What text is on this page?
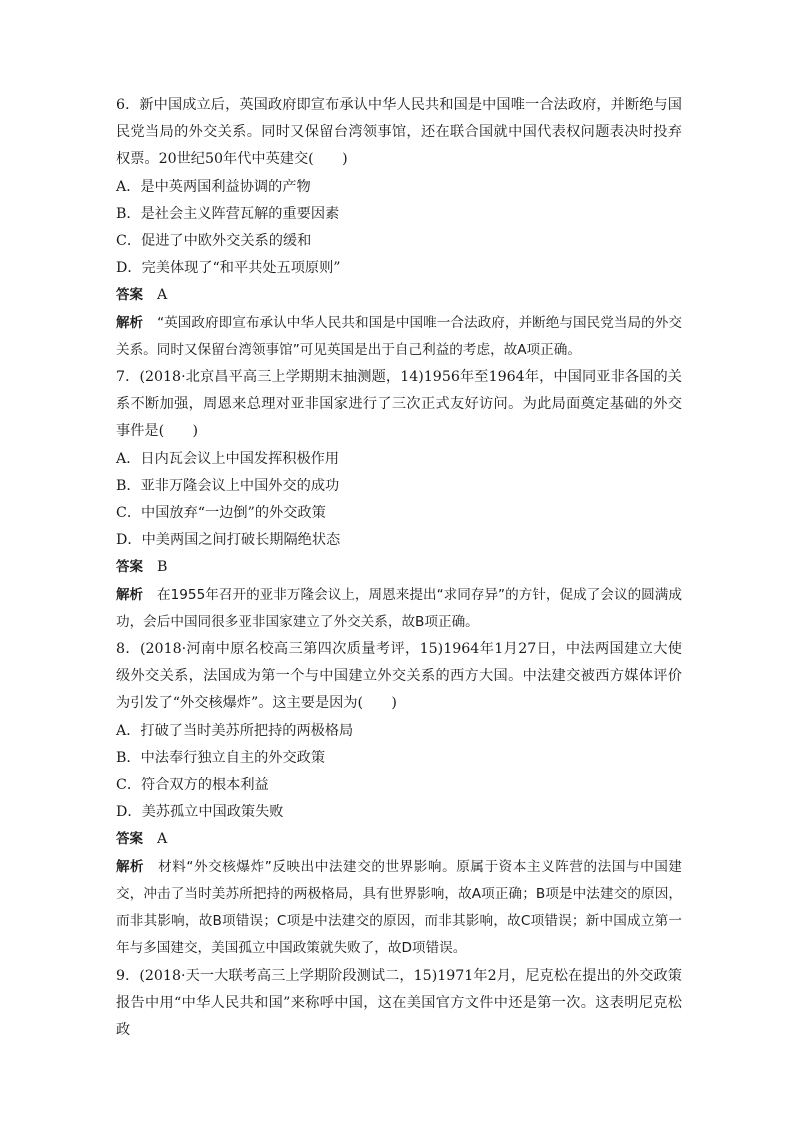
6．新中国成立后，英国政府即宣布承认中华人民共和国是中国唯一合法政府，并断绝与国民党当局的外交关系。同时又保留台湾领事馆，还在联合国就中国代表权问题表决时投弃权票。20世纪50年代中英建交(　　)
A．是中英两国利益协调的产物
B．是社会主义阵营瓦解的重要因素
C．促进了中欧外交关系的缓和
D．完美体现了“和平共处五项原则”
答案 A
解析 “英国政府即宣布承认中华人民共和国是中国唯一合法政府，并断绝与国民党当局的外交关系。同时又保留台湾领事馆”可见英国是出于自己利益的考虑，故A项正确。
7．(2018·北京昌平高三上学期期末抽测题，14)1956年至1964年，中国同亚非各国的关系不断加强，周恩来总理对亚非国家进行了三次正式友好访问。为此局面奠定基础的外交事件是(　　)
A．日内瓦会议上中国发挥积极作用
B．亚非万隆会议上中国外交的成功
C．中国放弃“一边倒”的外交政策
D．中美两国之间打破长期隔绝状态
答案 B
解析 在1955年召开的亚非万隆会议上，周恩来提出“求同存异”的方针，促成了会议的圆满成功，会后中国同很多亚非国家建立了外交关系，故B项正确。
8．(2018·河南中原名校高三第四次质量考评，15)1964年1月27日，中法两国建立大使级外交关系，法国成为第一个与中国建立外交关系的西方大国。中法建交被西方媒体评价为引发了“外交核爆炸”。这主要是因为(　　)
A．打破了当时美苏所把持的两极格局
B．中法奉行独立自主的外交政策
C．符合双方的根本利益
D．美苏孤立中国政策失败
答案 A
解析 材料“外交核爆炸”反映出中法建交的世界影响。原属于资本主义阵营的法国与中国建交，冲击了当时美苏所把持的两极格局，具有世界影响，故A项正确；B项是中法建交的原因，而非其影响，故B项错误；C项是中法建交的原因，而非其影响，故C项错误；新中国成立第一年与多国建交，美国孤立中国政策就失败了，故D项错误。
9．(2018·天一大联考高三上学期阶段测试二，15)1971年2月，尼克松在提出的外交政策报告中用“中华人民共和国”来称呼中国，这在美国官方文件中还是第一次。这表明尼克松政
